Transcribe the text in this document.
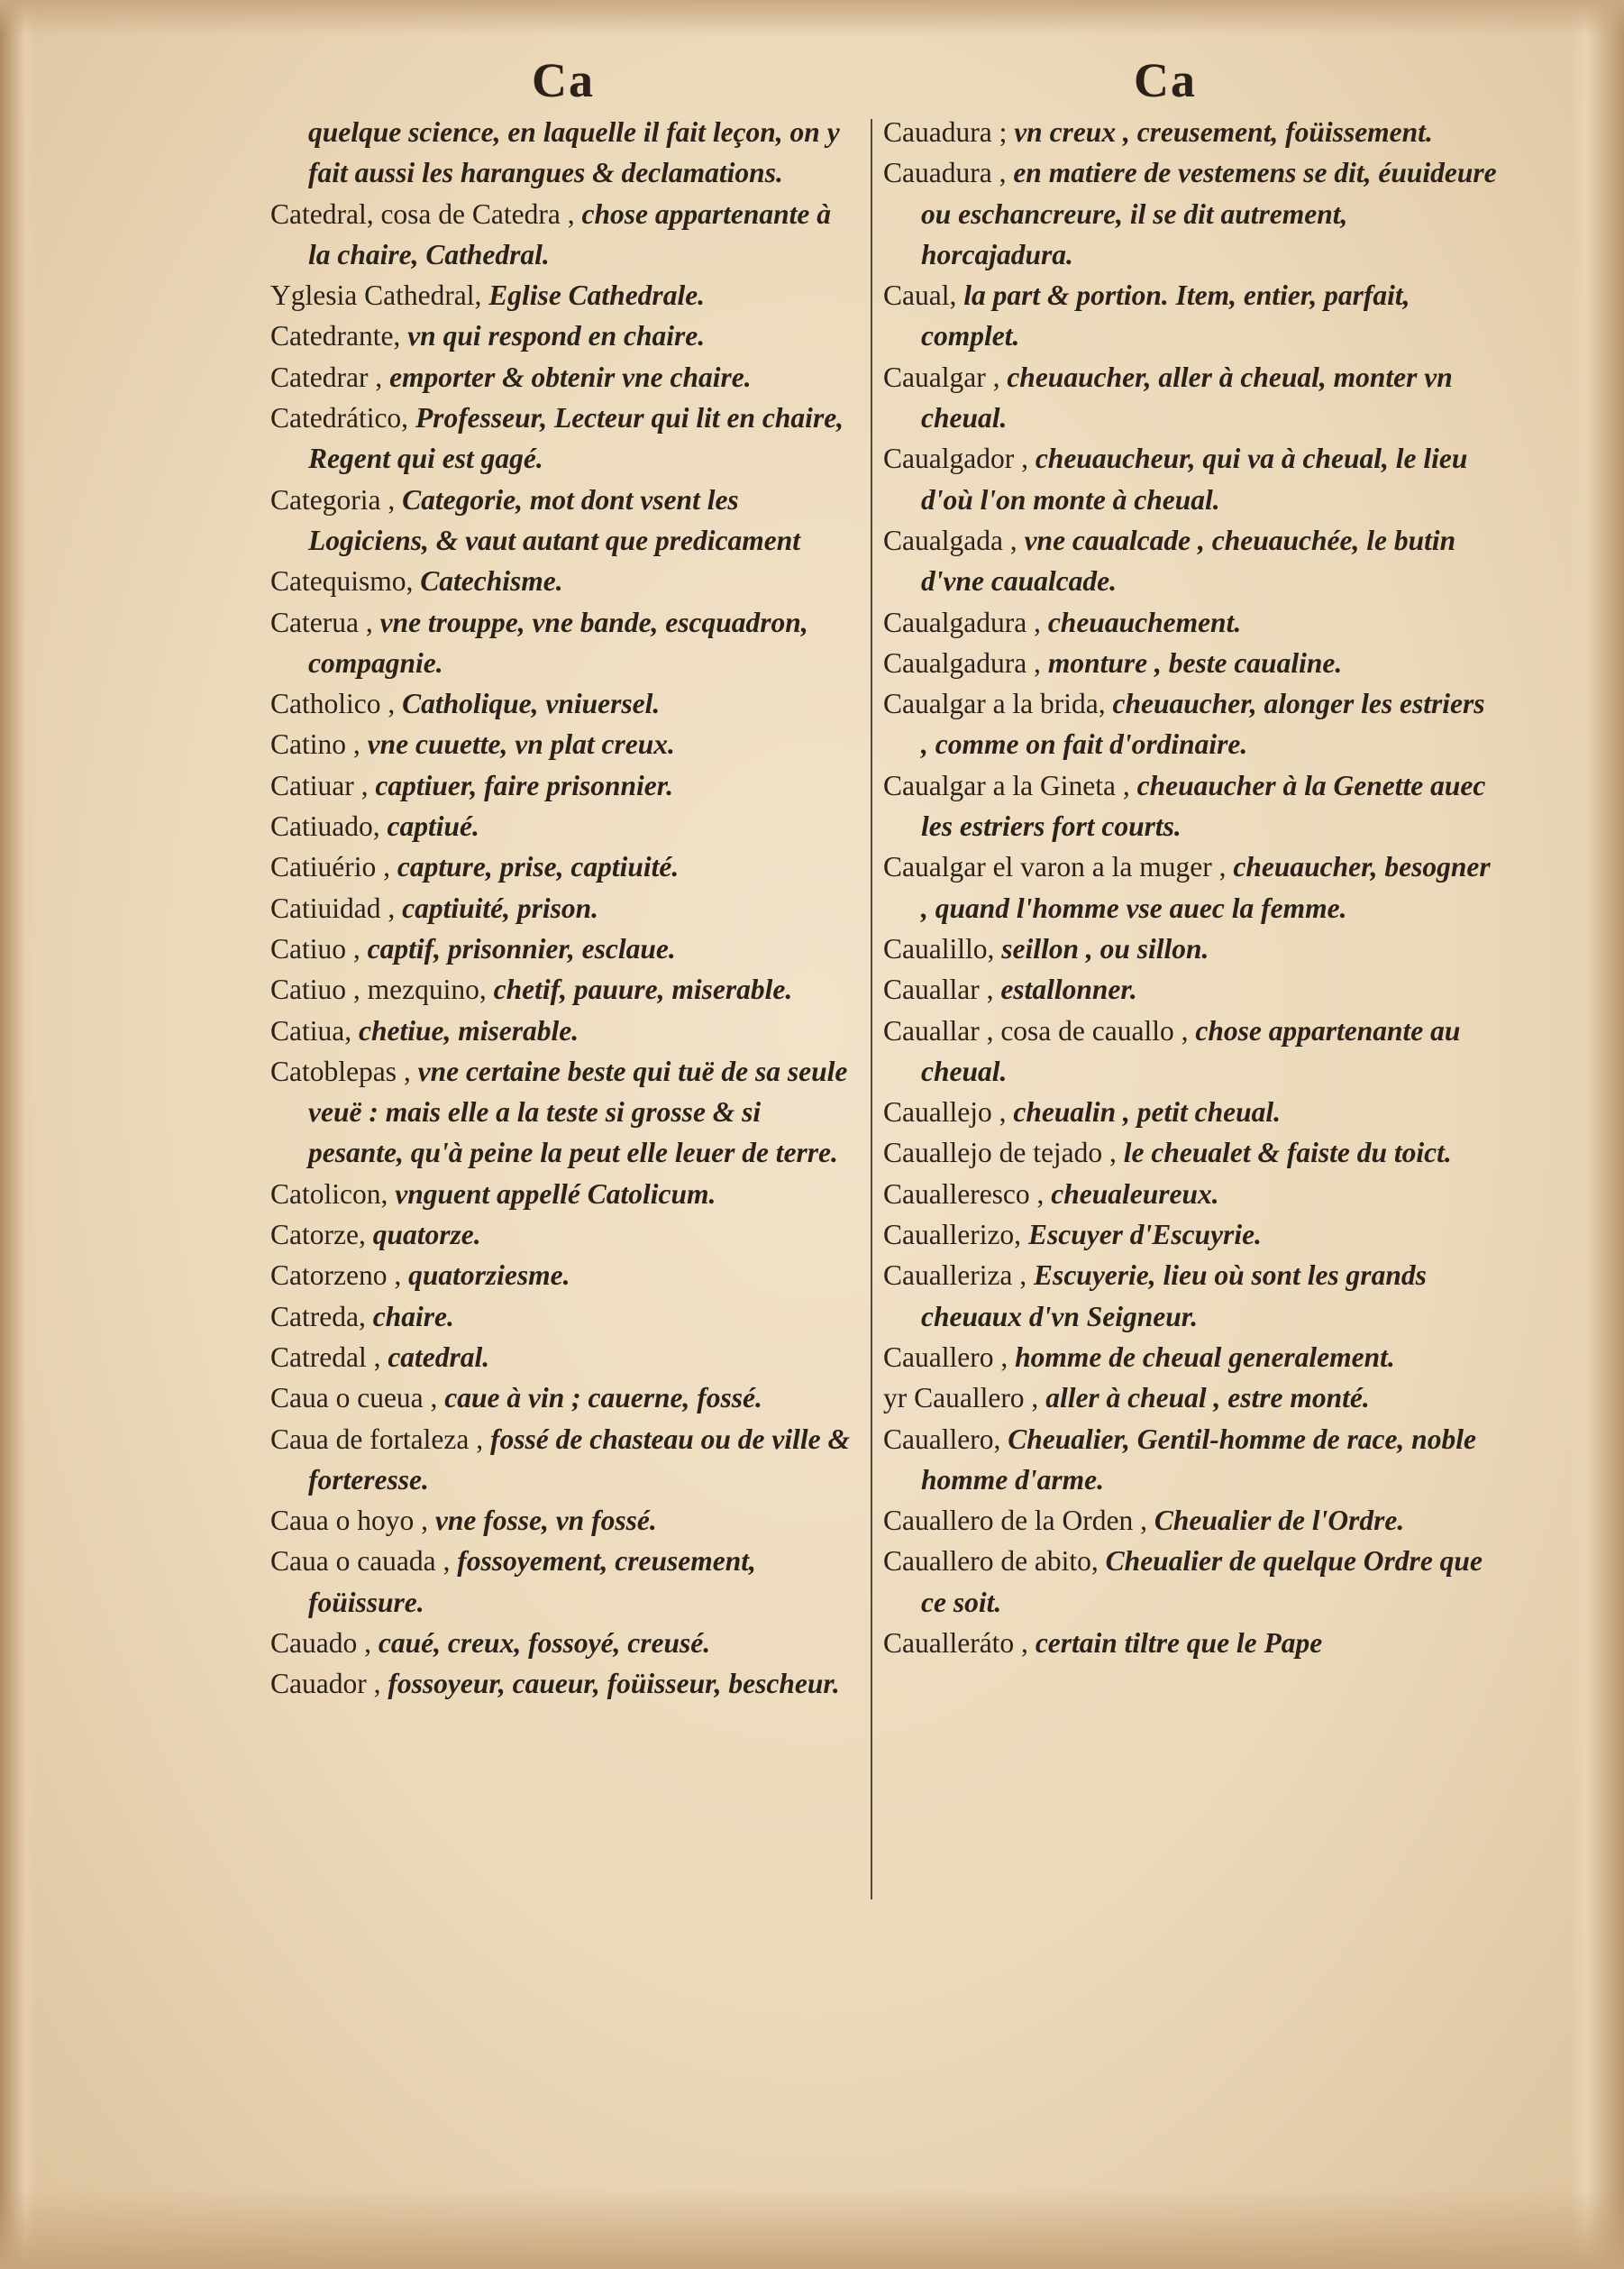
Ca	Ca

quelque science, en laquelle il fait leçon, on y fait aussi les harangues & declamations.

Catedral, cosa de Catedra , chose appartenante à la chaire, Cathedral.

Yglesia Cathedral, Eglise Cathedrale.

Catedrante, vn qui respond en chaire.

Catedrar , emporter & obtenir vne chaire.

Catedrático, Professeur, Lecteur qui lit en chaire, Regent qui est gagé.

Categoria , Categorie, mot dont vsent les Logiciens, & vaut autant que predicament

Catequismo, Catechisme.

Caterua , vne trouppe, vne bande, escquadron, compagnie.

Catholico , Catholique, vniuersel.

Catino , vne cuuette, vn plat creux.

Catiuar , captiuer, faire prisonnier.

Catiuado, captiué.

Catiuério , capture, prise, captiuité.

Catiuidad , captiuité, prison.

Catiuo , captif, prisonnier, esclaue.

Catiuo , mezquino, chetif, pauure, miserable.

Catiua, chetiue, miserable.

Catoblepas , vne certaine beste qui tuë de sa seule veuë : mais elle a la teste si grosse & si pesante, qu'à peine la peut elle leuer de terre.

Catolicon, vnguent appellé Catolicum.

Catorze, quatorze.

Catorzeno , quatorziesme.

Catreda, chaire.

Catredal , catedral.

Caua o cueua , caue à vin ; cauerne, fossé.

Caua de fortaleza , fossé de chasteau ou de ville & forteresse.

Caua o hoyo , vne fosse, vn fossé.

Caua o cauada , fossoyement, creusement, foüissure.

Cauado , caué, creux, fossoyé, creusé.

Cauador , fossoyeur, caueur, foüisseur, bescheur.

Cauadura ; vn creux , creusement, foüissement.

Cauadura , en matiere de vestemens se dit, éuuideure ou eschancreure, il se dit autrement, horcajadura.

Caual, la part & portion. Item, entier, parfait, complet.

Caualgar , cheuaucher, aller à cheual, monter vn cheual.

Caualgador , cheuaucheur, qui va à cheual, le lieu d'où l'on monte à cheual.

Caualgada , vne caualcade , cheuauchée, le butin d'vne caualcade.

Caualgadura , cheuauchement.

Caualgadura , monture , beste caualine.

Caualgar a la brida, cheuaucher, alonger les estriers , comme on fait d'ordinaire.

Caualgar a la Gineta , cheuaucher à la Genette auec les estriers fort courts.

Caualgar el varon a la muger , cheuaucher, besogner , quand l'homme vse auec la femme.

Caualillo, seillon , ou sillon.

Cauallar , estallonner.

Cauallar , cosa de cauallo , chose appartenante au cheual.

Cauallejo , cheualin , petit cheual.

Cauallejo de tejado , le cheualet & faiste du toict.

Caualleresco , cheualeureux.

Cauallerizo, Escuyer d'Escuyrie.

Caualleriza , Escuyerie, lieu où sont les grands cheuaux d'vn Seigneur.

Cauallero , homme de cheual generalement.

yr Cauallero , aller à cheual , estre monté.

Cauallero, Cheualier, Gentil-homme de race, noble homme d'arme.

Cauallero de la Orden , Cheualier de l'Ordre.

Cauallero de abito, Cheualier de quelque Ordre que ce soit.

Caualleráto , certain tiltre que le Pape
